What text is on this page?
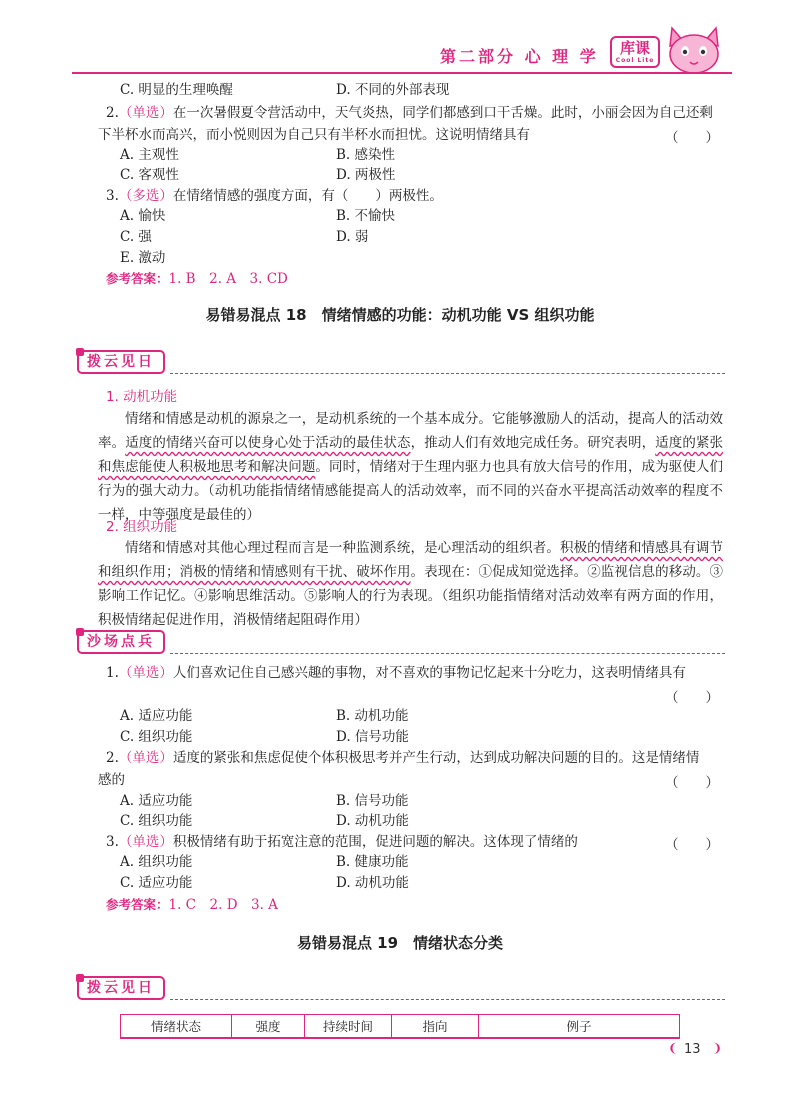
第二部分 心 理 学	库课
Cool Lite
C. 明显的生理唤醒	D. 不同的外部表现
2.（单选）在一次暑假夏令营活动中，天气炎热，同学们都感到口干舌燥。此时，小丽会因为自己还剩
下半杯水而高兴，而小悦则因为自己只有半杯水而担忧。这说明情绪具有	（　　）
A. 主观性	B. 感染性
C. 客观性	D. 两极性
3.（多选）在情绪情感的强度方面，有（　　）两极性。
A. 愉快	B. 不愉快
C. 强	D. 弱
E. 激动
参考答案：1. B　2. A　3. CD
易错易混点 18　情绪情感的功能：动机功能 VS 组织功能
拨云见日
1. 动机功能
情绪和情感是动机的源泉之一，是动机系统的一个基本成分。它能够激励人的活动，提高人的活动效率。适度的情绪兴奋可以使身心处于活动的最佳状态，推动人们有效地完成任务。研究表明，适度的紧张和焦虑能使人积极地思考和解决问题。同时，情绪对于生理内驱力也具有放大信号的作用，成为驱使人们行为的强大动力。（动机功能指情绪情感能提高人的活动效率，而不同的兴奋水平提高活动效率的程度不一样，中等强度是最佳的）
2. 组织功能
情绪和情感对其他心理过程而言是一种监测系统，是心理活动的组织者。积极的情绪和情感具有调节和组织作用；消极的情绪和情感则有干扰、破坏作用。表现在：①促成知觉选择。②监视信息的移动。③影响工作记忆。④影响思维活动。⑤影响人的行为表现。（组织功能指情绪对活动效率有两方面的作用，积极情绪起促进作用，消极情绪起阻碍作用）
沙场点兵
1.（单选）人们喜欢记住自己感兴趣的事物，对不喜欢的事物记忆起来十分吃力，这表明情绪具有
（　　）
A. 适应功能	B. 动机功能
C. 组织功能	D. 信号功能
2.（单选）适度的紧张和焦虑促使个体积极思考并产生行动，达到成功解决问题的目的。这是情绪情
感的	（　　）
A. 适应功能	B. 信号功能
C. 组织功能	D. 动机功能
3.（单选）积极情绪有助于拓宽注意的范围，促进问题的解决。这体现了情绪的	（　　）
A. 组织功能	B. 健康功能
C. 适应功能	D. 动机功能
参考答案：1. C　2. D　3. A
易错易混点 19　情绪状态分类
拨云见日
情绪状态	强度	持续时间	指向	例子
❨ 13 ❩
